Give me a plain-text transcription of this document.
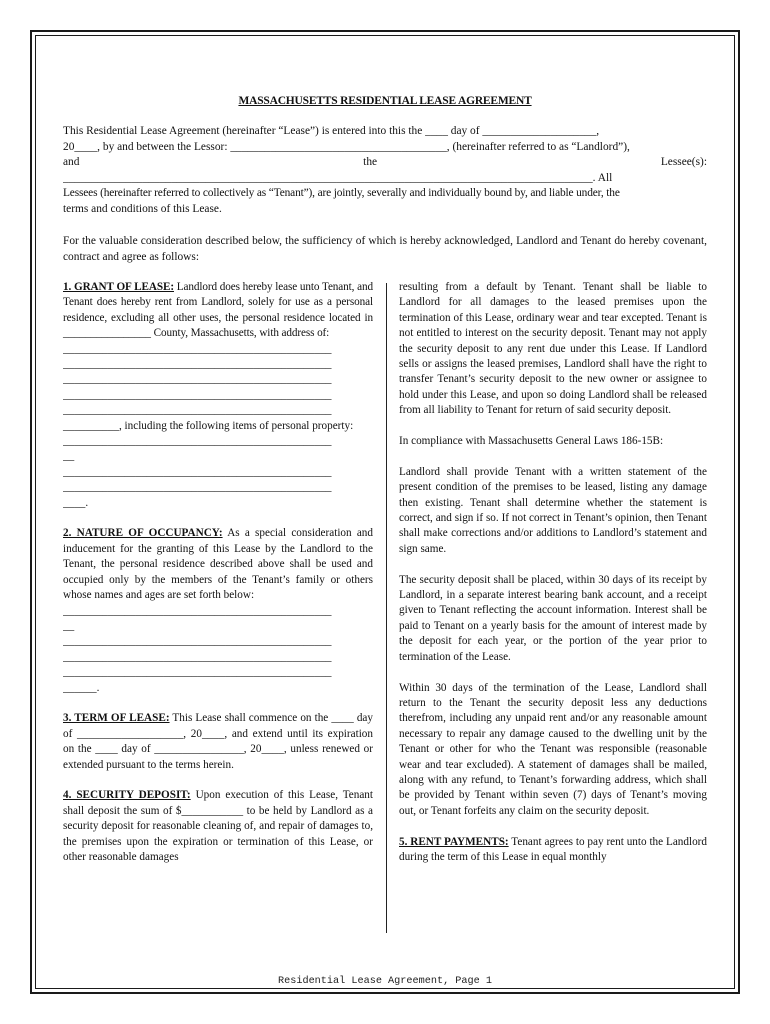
MASSACHUSETTS RESIDENTIAL LEASE AGREEMENT
This Residential Lease Agreement (hereinafter “Lease”) is entered into this the ____ day of ____________________,
20____, by and between the Lessor: ______________________________________, (hereinafter referred to as “Landlord”),
and	the	Lessee(s):
_____________________________________________________________________________________________. All
Lessees (hereinafter referred to collectively as “Tenant”), are jointly, severally and individually bound by, and liable under, the
terms and conditions of this Lease.

For the valuable consideration described below, the sufficiency of which is hereby acknowledged, Landlord and Tenant do hereby covenant, contract and agree as follows:

1. GRANT OF LEASE: Landlord does hereby lease unto Tenant, and Tenant does hereby rent from Landlord, solely for use as a personal residence, excluding all other uses, the personal residence located in ________________ County, Massachusetts, with address of:

________________________________________________
________________________________________________
________________________________________________
________________________________________________
________________________________________________

__________, including the following items of personal property:

________________________________________________
__
________________________________________________
________________________________________________
____.

2. NATURE OF OCCUPANCY: As a special consideration and inducement for the granting of this Lease by the Landlord to the Tenant, the personal residence described above shall be used and occupied only by the members of the Tenant’s family or others whose names and ages are set forth below:

________________________________________________
__
________________________________________________
________________________________________________
________________________________________________
______.

3. TERM OF LEASE: This Lease shall commence on the ____ day of ___________________, 20____, and extend until its expiration on the ____ day of ________________, 20____, unless renewed or extended pursuant to the terms herein.

4. SECURITY DEPOSIT: Upon execution of this Lease, Tenant shall deposit the sum of $___________ to be held by Landlord as a security deposit for reasonable cleaning of, and repair of damages to, the premises upon the expiration or termination of this Lease, or other reasonable damages

resulting from a default by Tenant. Tenant shall be liable to Landlord for all damages to the leased premises upon the termination of this Lease, ordinary wear and tear excepted. Tenant is not entitled to interest on the security deposit. Tenant may not apply the security deposit to any rent due under this Lease. If Landlord sells or assigns the leased premises, Landlord shall have the right to transfer Tenant’s security deposit to the new owner or assignee to hold under this Lease, and upon so doing Landlord shall be released from all liability to Tenant for return of said security deposit.

In compliance with Massachusetts General Laws 186-15B:

Landlord shall provide Tenant with a written statement of the present condition of the premises to be leased, listing any damage then existing. Tenant shall determine whether the statement is correct, and sign if so. If not correct in Tenant’s opinion, then Tenant shall make corrections and/or additions to Landlord’s statement and sign same.

The security deposit shall be placed, within 30 days of its receipt by Landlord, in a separate interest bearing bank account, and a receipt given to Tenant reflecting the account information. Interest shall be paid to Tenant on a yearly basis for the amount of interest made by the deposit for each year, or the portion of the year prior to termination of the Lease.

Within 30 days of the termination of the Lease, Landlord shall return to the Tenant the security deposit less any deductions therefrom, including any unpaid rent and/or any reasonable amount necessary to repair any damage caused to the dwelling unit by the Tenant or other for who the Tenant was responsible (reasonable wear and tear excluded). A statement of damages shall be mailed, along with any refund, to Tenant’s forwarding address, which shall be provided by Tenant within seven (7) days of Tenant’s moving out, or Tenant forfeits any claim on the security deposit.

5. RENT PAYMENTS: Tenant agrees to pay rent unto the Landlord during the term of this Lease in equal monthly

Residential Lease Agreement, Page 1
